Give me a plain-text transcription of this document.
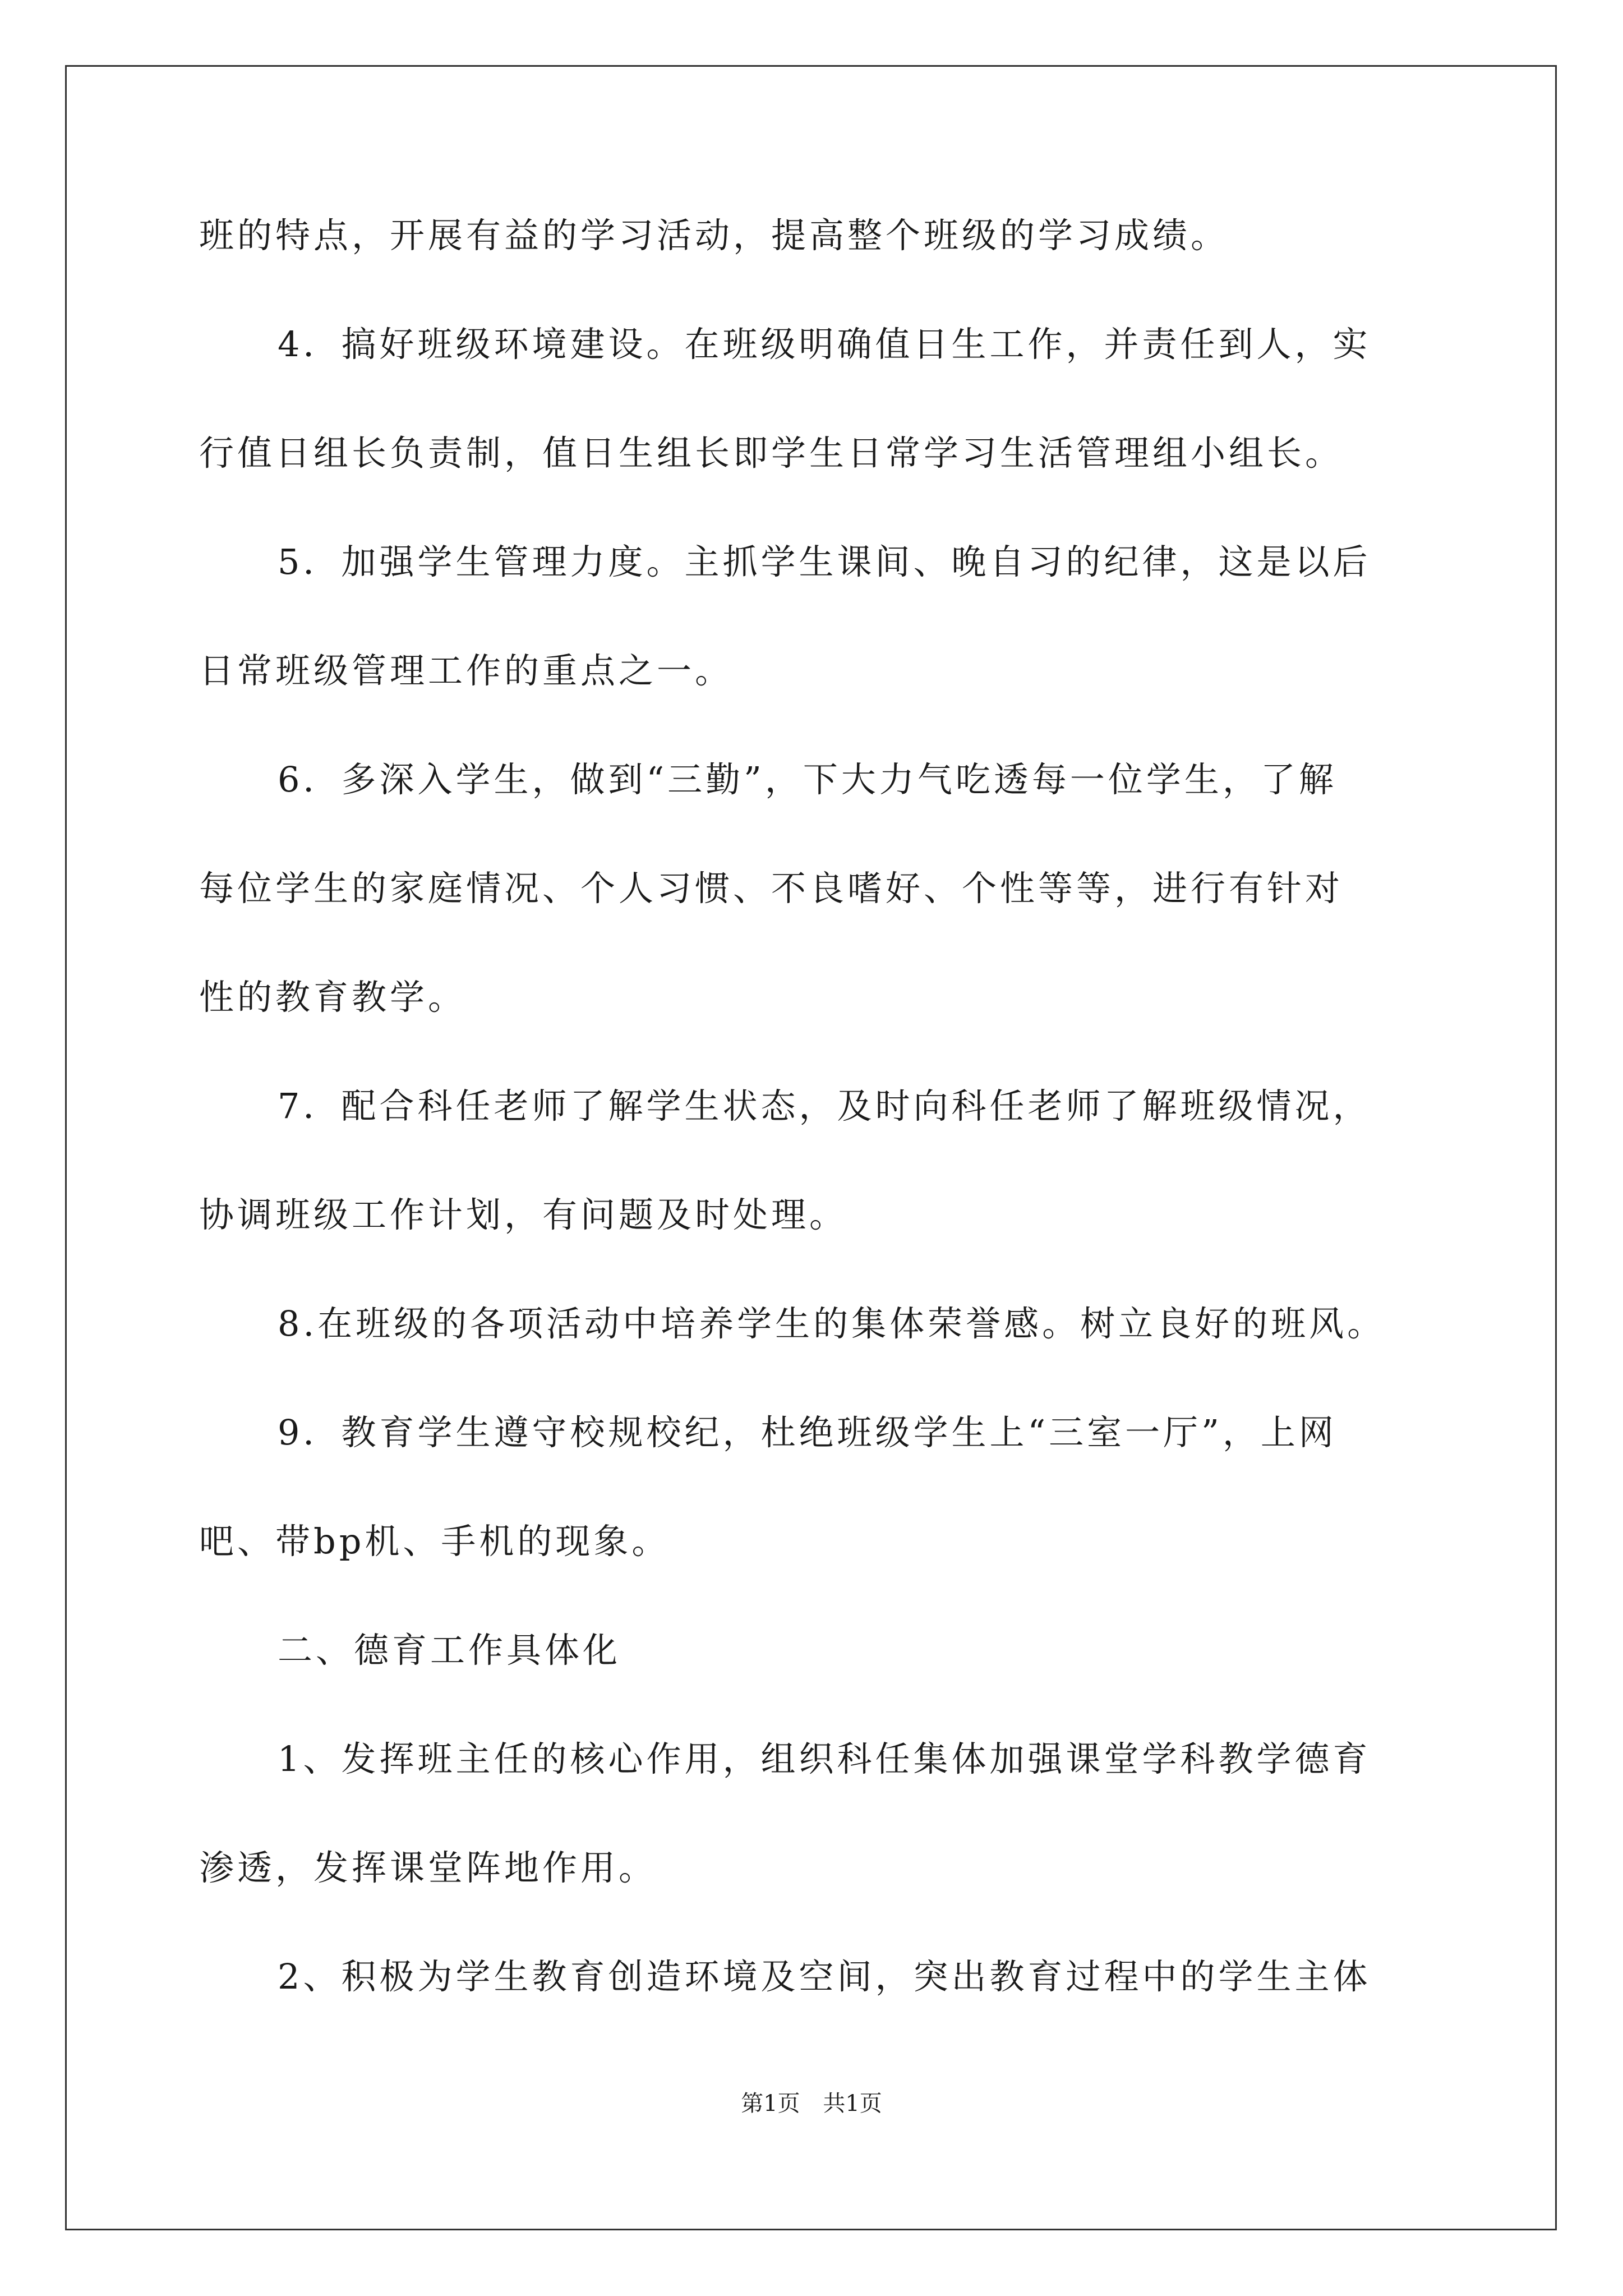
班的特点，开展有益的学习活动，提高整个班级的学习成绩。

4．搞好班级环境建设。在班级明确值日生工作，并责任到人，实

行值日组长负责制，值日生组长即学生日常学习生活管理组小组长。

5．加强学生管理力度。主抓学生课间、晚自习的纪律，这是以后

日常班级管理工作的重点之一。

6．多深入学生，做到“三勤”，下大力气吃透每一位学生，了解

每位学生的家庭情况、个人习惯、不良嗜好、个性等等，进行有针对

性的教育教学。

7．配合科任老师了解学生状态，及时向科任老师了解班级情况，

协调班级工作计划，有问题及时处理。

8.在班级的各项活动中培养学生的集体荣誉感。树立良好的班风。

9．教育学生遵守校规校纪，杜绝班级学生上“三室一厅”，上网

吧、带bp机、手机的现象。

二、德育工作具体化

1、发挥班主任的核心作用，组织科任集体加强课堂学科教学德育

渗透，发挥课堂阵地作用。

2、积极为学生教育创造环境及空间，突出教育过程中的学生主体

第1页 共1页
